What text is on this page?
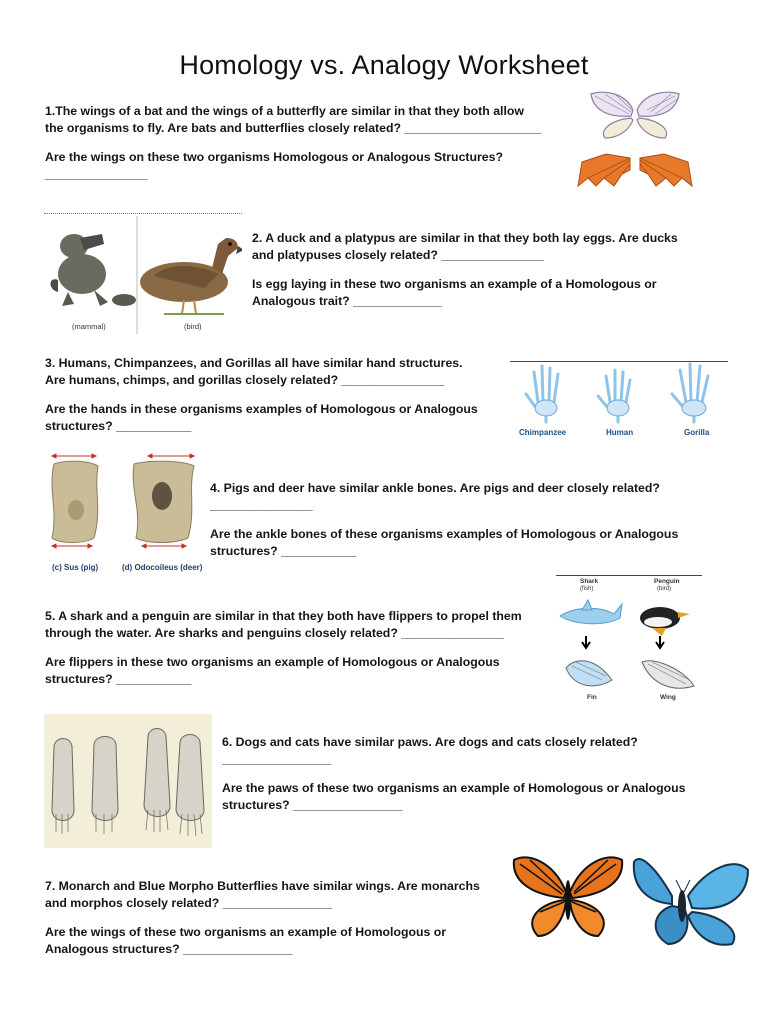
Homology vs. Analogy Worksheet

1.The wings of a bat and the wings of a butterfly are similar in that they both allow the organisms to fly. Are bats and butterflies closely related? ____________________

Are the wings on these two organisms Homologous or Analogous Structures? _______________

(mammal)	(bird)

2. A duck and a platypus are similar in that they both lay eggs. Are ducks and platypuses closely related? _______________

Is egg laying in these two organisms an example of a Homologous or Analogous trait? _____________

3. Humans, Chimpanzees, and Gorillas all have similar hand structures. Are humans, chimps, and gorillas closely related? _______________

Are the hands in these organisms examples of Homologous or Analogous structures? ___________	Chimpanzee	Human	Gorilla
(c) Sus (pig)	(d) Odocoileus (deer)

4. Pigs and deer have similar ankle bones. Are pigs and deer closely related? _______________

Are the ankle bones of these organisms examples of Homologous or Analogous structures? ___________

Shark
(fish)
Penguin
(bird)
Fin	Wing

5. A shark and a penguin are similar in that they both have flippers to propel them through the water. Are sharks and penguins closely related? _______________

Are flippers in these two organisms an example of Homologous or Analogous structures? ___________

6. Dogs and cats have similar paws. Are dogs and cats closely related? ________________

Are the paws of these two organisms an example of Homologous or Analogous structures? ________________

7. Monarch and Blue Morpho Butterflies have similar wings. Are monarchs and morphos closely related? ________________

Are the wings of these two organisms an example of Homologous or Analogous structures? ________________
